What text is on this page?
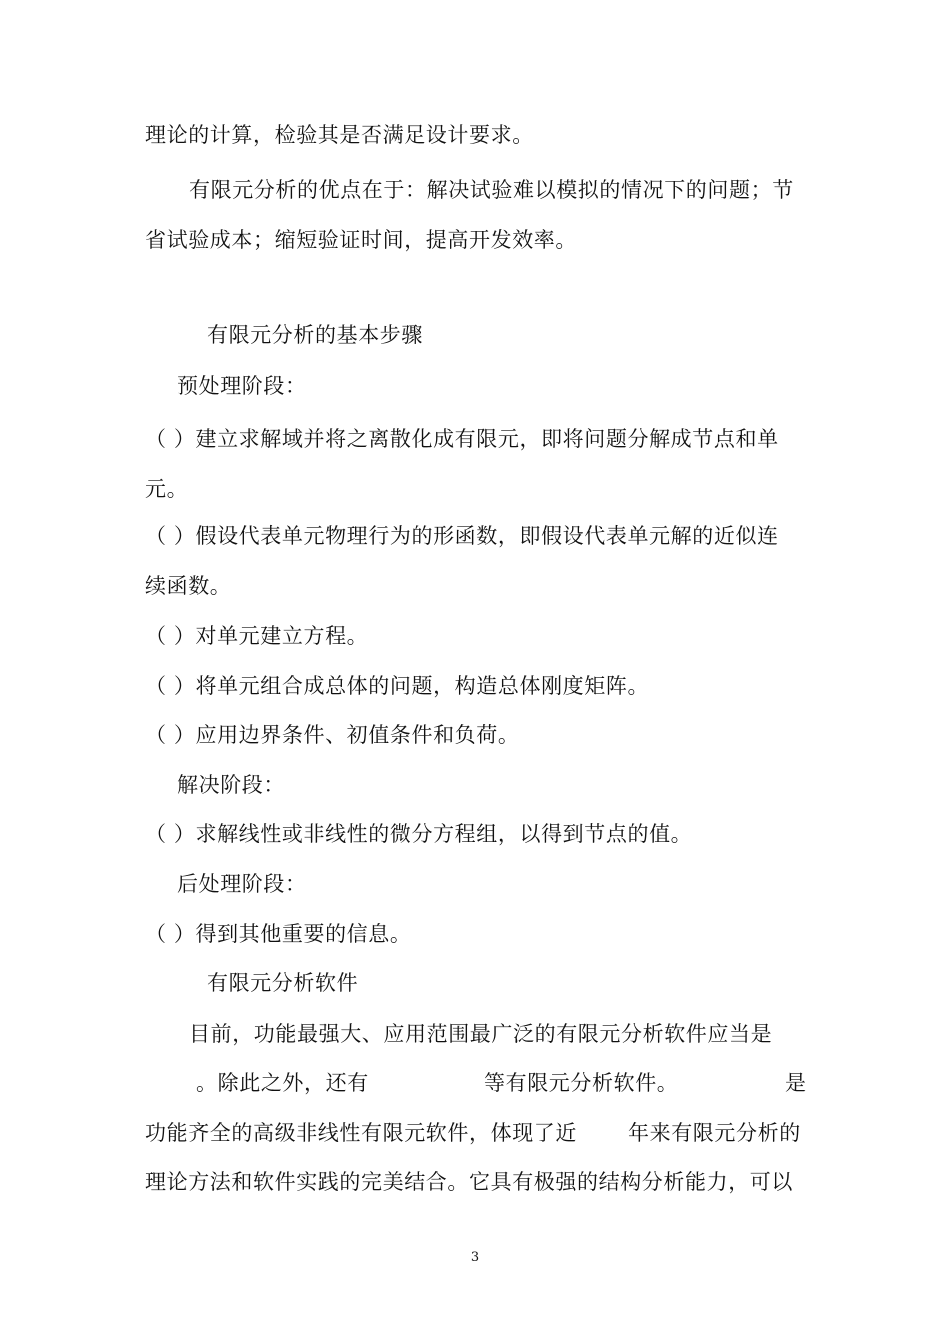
理论的计算，检验其是否满足设计要求。
有限元分析的优点在于：解决试验难以模拟的情况下的问题；节
省试验成本；缩短验证时间，提高开发效率。
有限元分析的基本步骤
预处理阶段：
（ ）建立求解域并将之离散化成有限元，即将问题分解成节点和单
元。
（ ）假设代表单元物理行为的形函数，即假设代表单元解的近似连
续函数。
（ ）对单元建立方程。
（ ）将单元组合成总体的问题，构造总体刚度矩阵。
（ ）应用边界条件、初值条件和负荷。
解决阶段：
（ ）求解线性或非线性的微分方程组，以得到节点的值。
后处理阶段：
（ ）得到其他重要的信息。
有限元分析软件
目前，功能最强大、应用范围最广泛的有限元分析软件应当是
。除此之外，还有	等有限元分析软件。	是
功能齐全的高级非线性有限元软件，体现了近 年来有限元分析的
理论方法和软件实践的完美结合。它具有极强的结构分析能力，可以
3
